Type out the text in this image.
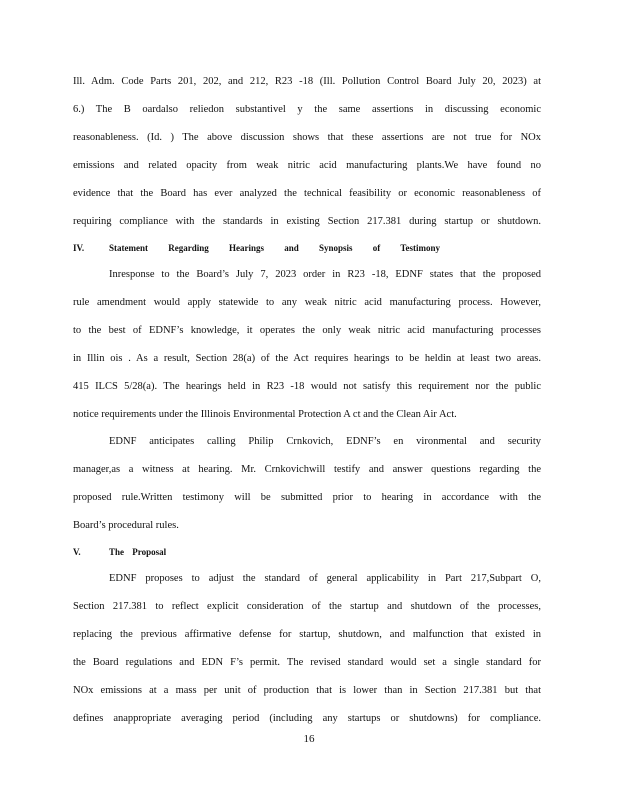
Ill. Adm. Code Parts 201, 202, and 212, R23 -18 (Ill. Pollution Control Board July 20, 2023) at
6.) The B oardalso reliedon substantivel y the same assertions in discussing economic
reasonableness. (Id. ) The above discussion shows that these assertions are not true for NOx
emissions and related opacity from weak nitric acid manufacturing plants.We have found no
evidence that the Board has ever analyzed the technical feasibility or economic reasonableness of
requiring compliance with the standards in existing Section 217.381 during startup or shutdown.
IV.	Statement Regarding Hearings and Synopsis of Testimony
Inresponse to the Board’s July 7, 2023 order in R23 -18, EDNF states that the proposed
rule amendment would apply statewide to any weak nitric acid manufacturing process. However,
to the best of EDNF’s knowledge, it operates the only weak nitric acid manufacturing processes
in Illin ois . As a result, Section 28(a) of the Act requires hearings to be heldin at least two areas.
415 ILCS 5/28(a). The hearings held in R23 -18 would not satisfy this requirement nor the public
notice requirements under the Illinois Environmental Protection A ct and the Clean Air Act.
EDNF anticipates calling Philip Crnkovich, EDNF’s en vironmental and security
manager,as a witness at hearing. Mr. Crnkovichwill testify and answer questions regarding the
proposed rule.Written testimony will be submitted prior to hearing in accordance with the
Board’s procedural rules.
V.	The Proposal
EDNF proposes to adjust the standard of general applicability in Part 217,Subpart O,
Section 217.381 to reflect explicit consideration of the startup and shutdown of the processes,
replacing the previous affirmative defense for startup, shutdown, and malfunction that existed in
the Board regulations and EDN F’s permit. The revised standard would set a single standard for
NOx emissions at a mass per unit of production that is lower than in Section 217.381 but that
defines anappropriate averaging period (including any startups or shutdowns) for compliance.
16
